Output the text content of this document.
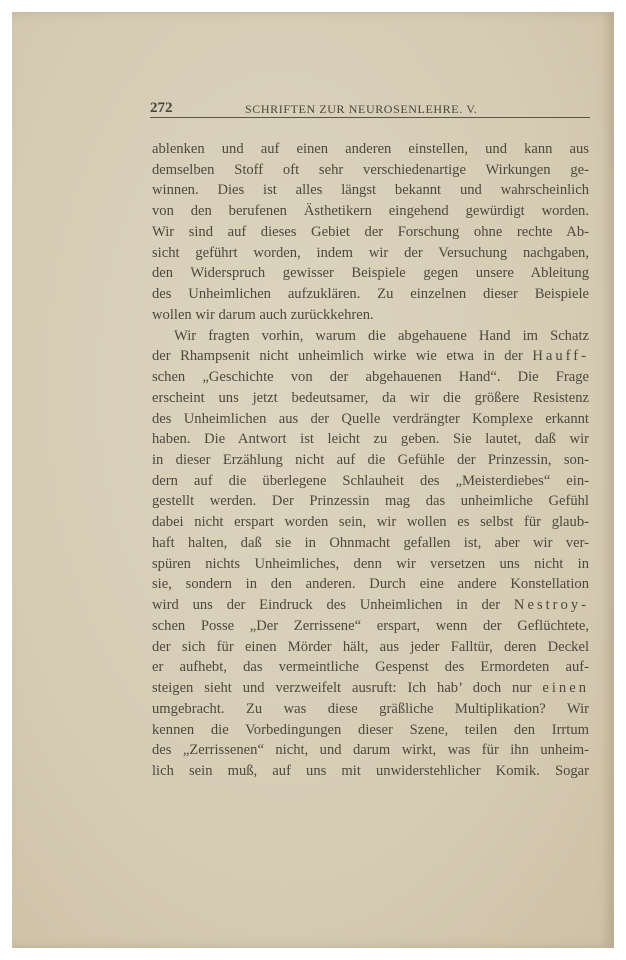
272	SCHRIFTEN ZUR NEUROSENLEHRE. V.
ablenken und auf einen anderen einstellen, und kann aus
demselben Stoff oft sehr verschiedenartige Wirkungen ge-
winnen. Dies ist alles längst bekannt und wahrscheinlich
von den berufenen Ästhetikern eingehend gewürdigt worden.
Wir sind auf dieses Gebiet der Forschung ohne rechte Ab-
sicht geführt worden, indem wir der Versuchung nachgaben,
den Widerspruch gewisser Beispiele gegen unsere Ableitung
des Unheimlichen aufzuklären. Zu einzelnen dieser Beispiele
wollen wir darum auch zurückkehren.
Wir fragten vorhin, warum die abgehauene Hand im Schatz
der Rhampsenit nicht unheimlich wirke wie etwa in der Hauff-
schen „Geschichte von der abgehauenen Hand“. Die Frage
erscheint uns jetzt bedeutsamer, da wir die größere Resistenz
des Unheimlichen aus der Quelle verdrängter Komplexe erkannt
haben. Die Antwort ist leicht zu geben. Sie lautet, daß wir
in dieser Erzählung nicht auf die Gefühle der Prinzessin, son-
dern auf die überlegene Schlauheit des „Meisterdiebes“ ein-
gestellt werden. Der Prinzessin mag das unheimliche Gefühl
dabei nicht erspart worden sein, wir wollen es selbst für glaub-
haft halten, daß sie in Ohnmacht gefallen ist, aber wir ver-
spüren nichts Unheimliches, denn wir versetzen uns nicht in
sie, sondern in den anderen. Durch eine andere Konstellation
wird uns der Eindruck des Unheimlichen in der Nestroy-
schen Posse „Der Zerrissene“ erspart, wenn der Geflüchtete,
der sich für einen Mörder hält, aus jeder Falltür, deren Deckel
er aufhebt, das vermeintliche Gespenst des Ermordeten auf-
steigen sieht und verzweifelt ausruft: Ich hab’ doch nur einen
umgebracht. Zu was diese gräßliche Multiplikation? Wir
kennen die Vorbedingungen dieser Szene, teilen den Irrtum
des „Zerrissenen“ nicht, und darum wirkt, was für ihn unheim-
lich sein muß, auf uns mit unwiderstehlicher Komik. Sogar
